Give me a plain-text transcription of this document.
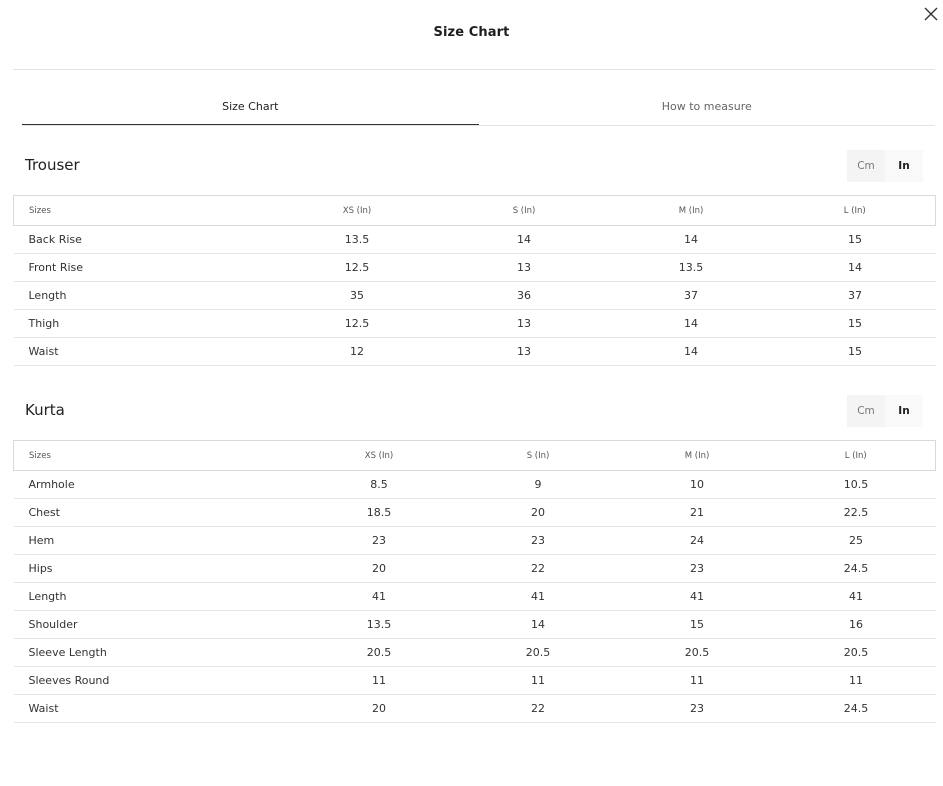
Size Chart
Size Chart	How to measure
Trouser	Cm	In
Sizes	XS (In)	S (In)	M (In)	L (In)
Back Rise	13.5	14	14	15
Front Rise	12.5	13	13.5	14
Length	35	36	37	37
Thigh	12.5	13	14	15
Waist	12	13	14	15
Kurta	Cm	In
Sizes	XS (In)	S (In)	M (In)	L (In)
Armhole	8.5	9	10	10.5
Chest	18.5	20	21	22.5
Hem	23	23	24	25
Hips	20	22	23	24.5
Length	41	41	41	41
Shoulder	13.5	14	15	16
Sleeve Length	20.5	20.5	20.5	20.5
Sleeves Round	11	11	11	11
Waist	20	22	23	24.5
